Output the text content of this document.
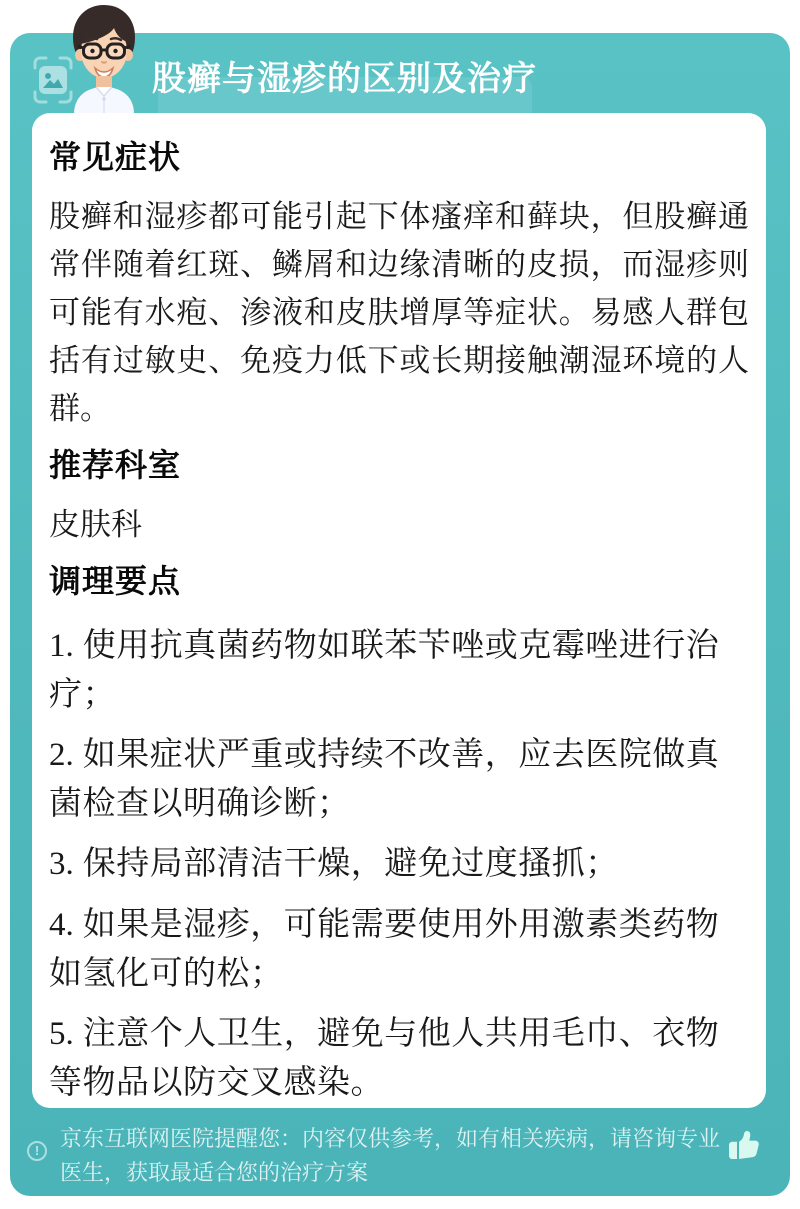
股癣与湿疹的区别及治疗
常见症状

股癣和湿疹都可能引起下体瘙痒和藓块，但股癣通常伴随着红斑、鳞屑和边缘清晰的皮损，而湿疹则可能有水疱、渗液和皮肤增厚等症状。易感人群包括有过敏史、免疫力低下或长期接触潮湿环境的人群。

推荐科室

皮肤科

调理要点

1. 使用抗真菌药物如联苯苄唑或克霉唑进行治疗；

2. 如果症状严重或持续不改善，应去医院做真菌检查以明确诊断；

3. 保持局部清洁干燥，避免过度搔抓；

4. 如果是湿疹，可能需要使用外用激素类药物如氢化可的松；

5. 注意个人卫生，避免与他人共用毛巾、衣物等物品以防交叉感染。

! 京东互联网医院提醒您：内容仅供参考，如有相关疾病，请咨询专业医生，获取最适合您的治疗方案
